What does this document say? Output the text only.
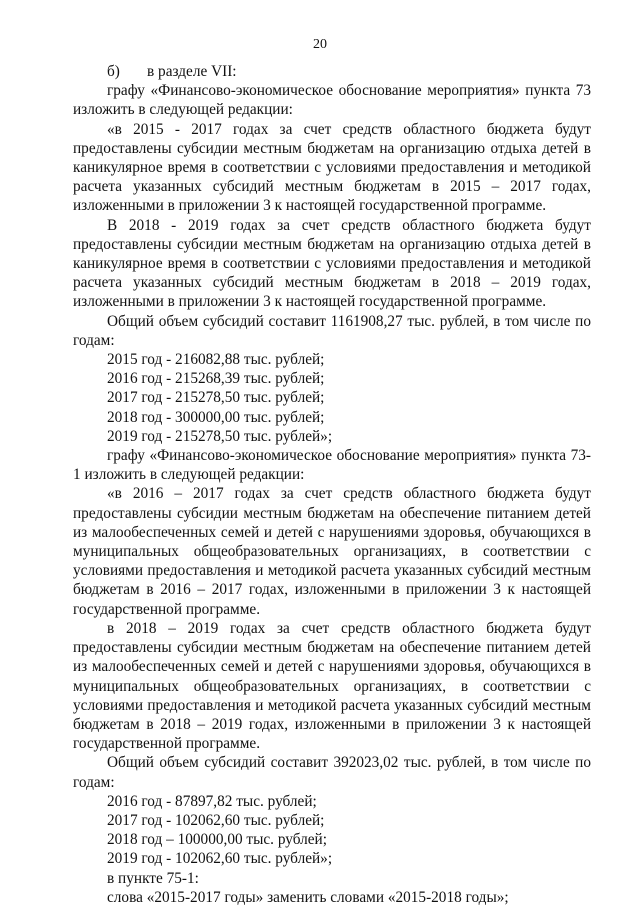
20

б) в разделе VII:

графу «Финансово-экономическое обоснование мероприятия» пункта 73 изложить в следующей редакции:

«в 2015 - 2017 годах за счет средств областного бюджета будут предоставлены субсидии местным бюджетам на организацию отдыха детей в каникулярное время в соответствии с условиями предоставления и методикой расчета указанных субсидий местным бюджетам в 2015 – 2017 годах, изложенными в приложении 3 к настоящей государственной программе.

В 2018 - 2019 годах за счет средств областного бюджета будут предоставлены субсидии местным бюджетам на организацию отдыха детей в каникулярное время в соответствии с условиями предоставления и методикой расчета указанных субсидий местным бюджетам в 2018 – 2019 годах, изложенными в приложении 3 к настоящей государственной программе.

Общий объем субсидий составит 1161908,27 тыс. рублей, в том числе по годам:

2015 год - 216082,88 тыс. рублей;

2016 год - 215268,39 тыс. рублей;

2017 год - 215278,50 тыс. рублей;

2018 год - 300000,00 тыс. рублей;

2019 год - 215278,50 тыс. рублей»;

графу «Финансово-экономическое обоснование мероприятия» пункта 73-1 изложить в следующей редакции:

«в 2016 – 2017 годах за счет средств областного бюджета будут предоставлены субсидии местным бюджетам на обеспечение питанием детей из малообеспеченных семей и детей с нарушениями здоровья, обучающихся в муниципальных общеобразовательных организациях, в соответствии с условиями предоставления и методикой расчета указанных субсидий местным бюджетам в 2016 – 2017 годах, изложенными в приложении 3 к настоящей государственной программе.

в 2018 – 2019 годах за счет средств областного бюджета будут предоставлены субсидии местным бюджетам на обеспечение питанием детей из малообеспеченных семей и детей с нарушениями здоровья, обучающихся в муниципальных общеобразовательных организациях, в соответствии с условиями предоставления и методикой расчета указанных субсидий местным бюджетам в 2018 – 2019 годах, изложенными в приложении 3 к настоящей государственной программе.

Общий объем субсидий составит 392023,02 тыс. рублей, в том числе по годам:

2016 год - 87897,82 тыс. рублей;

2017 год - 102062,60 тыс. рублей;

2018 год – 100000,00 тыс. рублей;

2019 год - 102062,60 тыс. рублей»;

в пункте 75-1:

слова «2015-2017 годы» заменить словами «2015-2018 годы»;
